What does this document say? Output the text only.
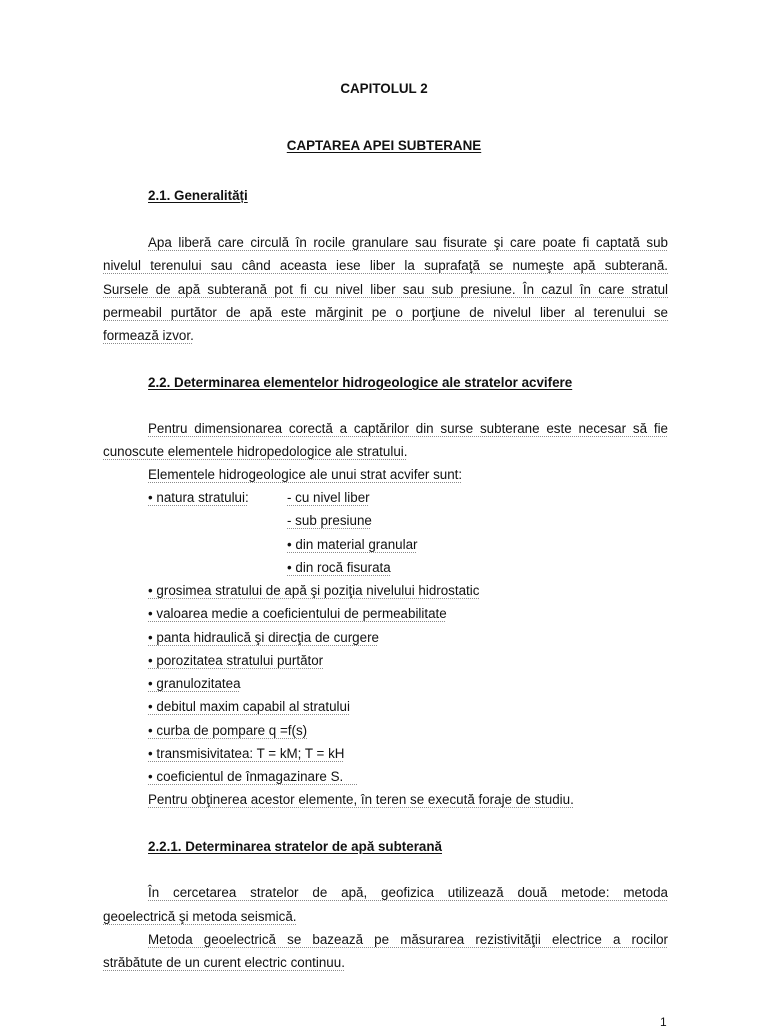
CAPITOLUL 2
CAPTAREA APEI SUBTERANE
2.1. Generalități
Apa liberă care circulă în rocile granulare sau fisurate şi care poate fi captată sub
nivelul terenului sau când aceasta iese liber la suprafaţă se numeşte apă subterană.
Sursele de apă subterană pot fi cu nivel liber sau sub presiune. În cazul în care stratul
permeabil purtător de apă este mărginit pe o porţiune de nivelul liber al terenului se
formează izvor.
2.2. Determinarea elementelor hidrogeologice ale stratelor acvifere
Pentru dimensionarea corectă a captărilor din surse subterane este necesar să fie
cunoscute elementele hidropedologice ale stratului.
Elementele hidrogeologice ale unui strat acvifer sunt:
• natura stratului:	- cu nivel liber
- sub presiune
• din material granular
• din rocă fisurata
• grosimea stratului de apă şi poziţia nivelului hidrostatic
• valoarea medie a coeficientului de permeabilitate
• panta hidraulică şi direcţia de curgere
• porozitatea stratului purtător
• granulozitatea
• debitul maxim capabil al stratului
• curba de pompare q =f(s)
• transmisivitatea: T = kM; T = kH
• coeficientul de înmagazinare S.
Pentru obţinerea acestor elemente, în teren se execută foraje de studiu.
2.2.1. Determinarea stratelor de apă subterană
În cercetarea stratelor de apă, geofizica utilizează două metode: metoda
geoelectrică şi metoda seismică.
Metoda geoelectrică se bazează pe măsurarea rezistivităţii electrice a rocilor
străbătute de un curent electric continuu.
1
